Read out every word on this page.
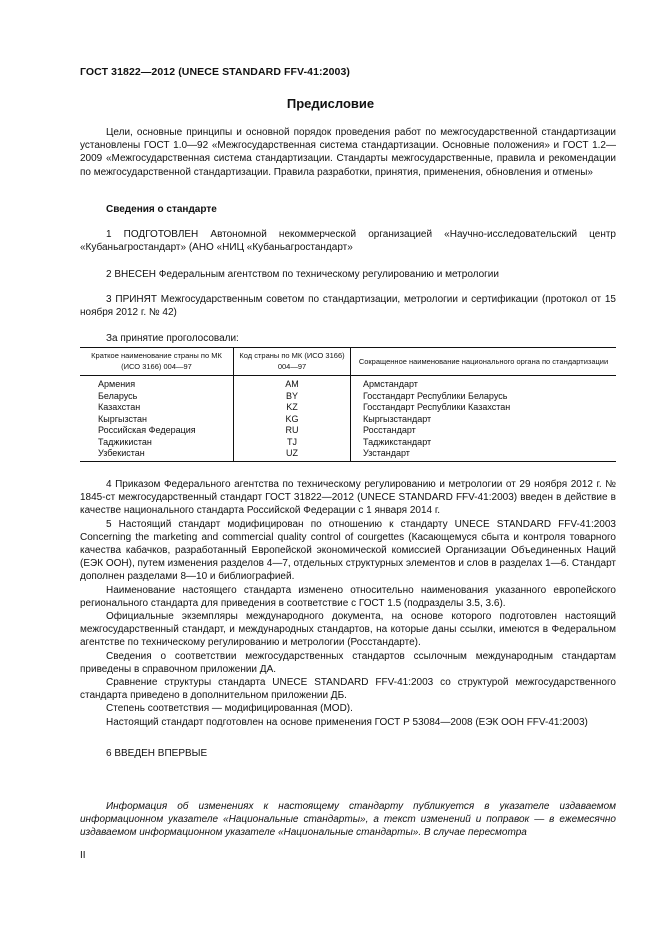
ГОСТ 31822—2012 (UNECE STANDARD FFV-41:2003)
Предисловие

Цели, основные принципы и основной порядок проведения работ по межгосударственной стандартизации установлены ГОСТ 1.0—92 «Межгосударственная система стандартизации. Основные положения» и ГОСТ 1.2—2009 «Межгосударственная система стандартизации. Стандарты межгосударственные, правила и рекомендации по межгосударственной стандартизации. Правила разработки, принятия, применения, обновления и отмены»

Сведения о стандарте

1 ПОДГОТОВЛЕН Автономной некоммерческой организацией «Научно-исследовательский центр «Кубаньагростандарт» (АНО «НИЦ «Кубаньагростандарт»

2 ВНЕСЕН Федеральным агентством по техническому регулированию и метрологии

3 ПРИНЯТ Межгосударственным советом по стандартизации, метрологии и сертификации (протокол от 15 ноября 2012 г. № 42)

За принятие проголосовали:

Краткое наименование страны по МК (ИСО 3166) 004—97	Код страны по МК (ИСО 3166) 004—97	Сокращенное наименование национального органа по стандартизации
Армения	AM	Армстандарт
Беларусь	BY	Госстандарт Республики Беларусь
Казахстан	KZ	Госстандарт Республики Казахстан
Кыргызстан	KG	Кыргызстандарт
Российская Федерация	RU	Росстандарт
Таджикистан	TJ	Таджикстандарт
Узбекистан	UZ	Узстандарт

4 Приказом Федерального агентства по техническому регулированию и метрологии от 29 ноября 2012 г. № 1845-ст межгосударственный стандарт ГОСТ 31822—2012 (UNECE STANDARD FFV-41:2003) введен в действие в качестве национального стандарта Российской Федерации с 1 января 2014 г.

5 Настоящий стандарт модифицирован по отношению к стандарту UNECE STANDARD FFV-41:2003 Concerning the marketing and commercial quality control of courgettes (Касающемуся сбыта и контроля товарного качества кабачков, разработанный Европейской экономической комиссией Организации Объединенных Наций (ЕЭК ООН), путем изменения разделов 4—7, отдельных структурных элементов и слов в разделах 1—6. Стандарт дополнен разделами 8—10 и библиографией.

Наименование настоящего стандарта изменено относительно наименования указанного европейского регионального стандарта для приведения в соответствие с ГОСТ 1.5 (подразделы 3.5, 3.6).

Официальные экземпляры международного документа, на основе которого подготовлен настоящий межгосударственный стандарт, и международных стандартов, на которые даны ссылки, имеются в Федеральном агентстве по техническому регулированию и метрологии (Росстандарте).

Сведения о соответствии межгосударственных стандартов ссылочным международным стандартам приведены в справочном приложении ДА.

Сравнение структуры стандарта UNECE STANDARD FFV-41:2003 со структурой межгосударственного стандарта приведено в дополнительном приложении ДБ.

Степень соответствия — модифицированная (MOD).

Настоящий стандарт подготовлен на основе применения ГОСТ Р 53084—2008 (ЕЭК ООН FFV-41:2003)

6 ВВЕДЕН ВПЕРВЫЕ

Информация об изменениях к настоящему стандарту публикуется в указателе издаваемом информационном указателе «Национальные стандарты», а текст изменений и поправок — в ежемесячно издаваемом информационном указателе «Национальные стандарты». В случае пересмотра

II
